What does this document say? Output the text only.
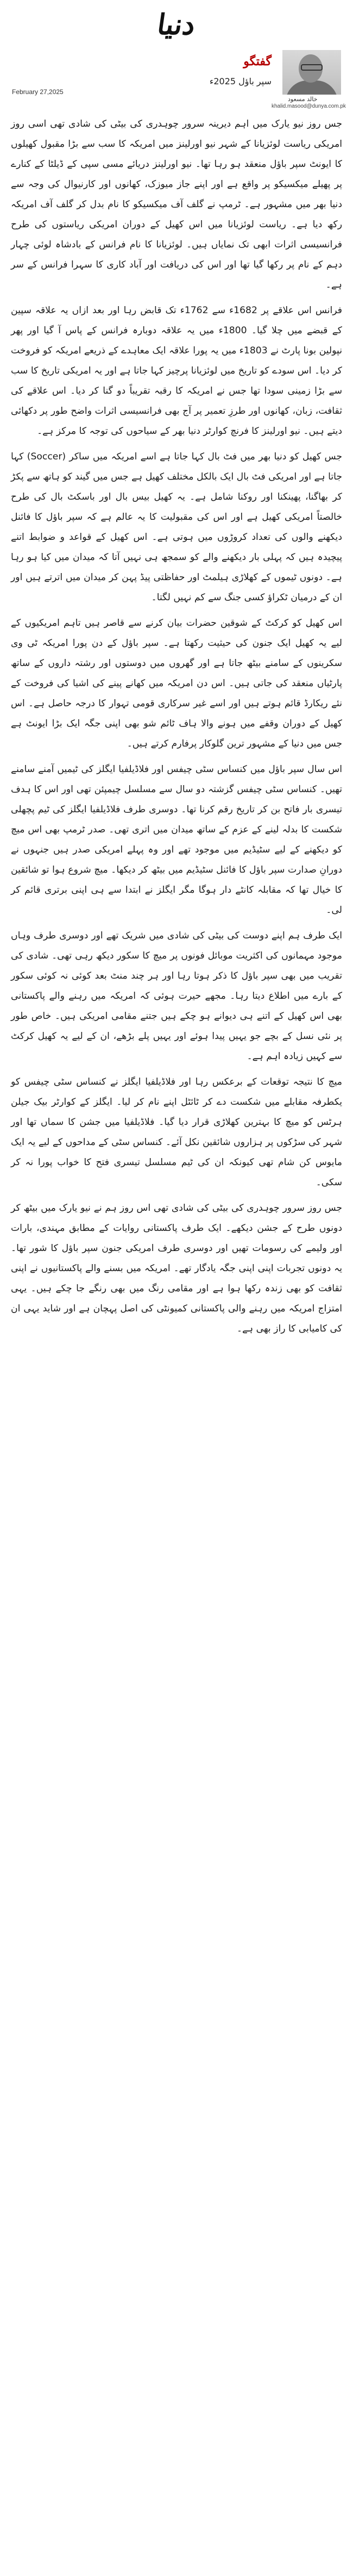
دنیا
February 27,2025
گفتگو
سپر باؤل 2025ء
خالد مسعود
khalid.masood@dunya.com.pk

جس روز نیو یارک میں اہم دیرینہ سرور چوہدری کی بیٹی کی شادی تھی اسی روز امریکی ریاست لوئزیانا کے شہر نیو اورلینز میں امریکہ کا سب سے بڑا مقبول کھیلوں کا ایونٹ سپر باؤل منعقد ہو رہا تھا۔ نیو اورلینز دریائے مسی سپی کے ڈیلٹا کے کنارے پر پھیلے میکسیکو پر واقع ہے اور اپنے جاز میوزک، کھانوں اور کارنیوال کی وجہ سے دنیا بھر میں مشہور ہے۔ ٹرمپ نے گلف آف میکسیکو کا نام بدل کر گلف آف امریکہ رکھ دیا ہے۔ ریاست لوئزیانا میں اس کھیل کے دوران امریکی ریاستوں کی طرح فرانسیسی اثرات ابھی تک نمایاں ہیں۔ لوئزیانا کا نام فرانس کے بادشاہ لوئی چہار دہم کے نام پر رکھا گیا تھا اور اس کی دریافت اور آباد کاری کا سہرا فرانس کے سر ہے۔

فرانس اس علاقے پر 1682ء سے 1762ء تک قابض رہا اور بعد ازاں یہ علاقہ سپین کے قبضے میں چلا گیا۔ 1800ء میں یہ علاقہ دوبارہ فرانس کے پاس آ گیا اور پھر نپولین بونا پارٹ نے 1803ء میں یہ پورا علاقہ ایک معاہدے کے ذریعے امریکہ کو فروخت کر دیا۔ اس سودے کو تاریخ میں لوئزیانا پرچیز کہا جاتا ہے اور یہ امریکی تاریخ کا سب سے بڑا زمینی سودا تھا جس نے امریکہ کا رقبہ تقریباً دو گنا کر دیا۔ اس علاقے کی ثقافت، زبان، کھانوں اور طرزِ تعمیر پر آج بھی فرانسیسی اثرات واضح طور پر دکھائی دیتے ہیں۔ نیو اورلینز کا فرنچ کوارٹر دنیا بھر کے سیاحوں کی توجہ کا مرکز ہے۔

جس کھیل کو دنیا بھر میں فٹ بال کہا جاتا ہے اسے امریکہ میں ساکر (Soccer) کہا جاتا ہے اور امریکی فٹ بال ایک بالکل مختلف کھیل ہے جس میں گیند کو ہاتھ سے پکڑ کر بھاگنا، پھینکنا اور روکنا شامل ہے۔ یہ کھیل بیس بال اور باسکٹ بال کی طرح خالصتاً امریکی کھیل ہے اور اس کی مقبولیت کا یہ عالم ہے کہ سپر باؤل کا فائنل دیکھنے والوں کی تعداد کروڑوں میں ہوتی ہے۔ اس کھیل کے قواعد و ضوابط اتنے پیچیدہ ہیں کہ پہلی بار دیکھنے والے کو سمجھ ہی نہیں آتا کہ میدان میں کیا ہو رہا ہے۔ دونوں ٹیموں کے کھلاڑی ہیلمٹ اور حفاظتی پیڈ پہن کر میدان میں اترتے ہیں اور ان کے درمیان ٹکراؤ کسی جنگ سے کم نہیں لگتا۔

اس کھیل کو کرکٹ کے شوقین حضرات بیان کرنے سے قاصر ہیں تاہم امریکیوں کے لیے یہ کھیل ایک جنون کی حیثیت رکھتا ہے۔ سپر باؤل کے دن پورا امریکہ ٹی وی سکرینوں کے سامنے بیٹھ جاتا ہے اور گھروں میں دوستوں اور رشتہ داروں کے ساتھ پارٹیاں منعقد کی جاتی ہیں۔ اس دن امریکہ میں کھانے پینے کی اشیا کی فروخت کے نئے ریکارڈ قائم ہوتے ہیں اور اسے غیر سرکاری قومی تہوار کا درجہ حاصل ہے۔ اس کھیل کے دوران وقفے میں ہونے والا ہاف ٹائم شو بھی اپنی جگہ ایک بڑا ایونٹ ہے جس میں دنیا کے مشہور ترین گلوکار پرفارم کرتے ہیں۔

اس سال سپر باؤل میں کنساس سٹی چیفس اور فلاڈیلفیا ایگلز کی ٹیمیں آمنے سامنے تھیں۔ کنساس سٹی چیفس گزشتہ دو سال سے مسلسل چیمپئن تھی اور اس کا ہدف تیسری بار فاتح بن کر تاریخ رقم کرنا تھا۔ دوسری طرف فلاڈیلفیا ایگلز کی ٹیم پچھلی شکست کا بدلہ لینے کے عزم کے ساتھ میدان میں اتری تھی۔ صدر ٹرمپ بھی اس میچ کو دیکھنے کے لیے سٹیڈیم میں موجود تھے اور وہ پہلے امریکی صدر ہیں جنہوں نے دورانِ صدارت سپر باؤل کا فائنل سٹیڈیم میں بیٹھ کر دیکھا۔ میچ شروع ہوا تو شائقین کا خیال تھا کہ مقابلہ کانٹے دار ہوگا مگر ایگلز نے ابتدا سے ہی اپنی برتری قائم کر لی۔

ایک طرف ہم اپنے دوست کی بیٹی کی شادی میں شریک تھے اور دوسری طرف وہاں موجود مہمانوں کی اکثریت موبائل فونوں پر میچ کا سکور دیکھ رہی تھی۔ شادی کی تقریب میں بھی سپر باؤل کا ذکر ہوتا رہا اور ہر چند منٹ بعد کوئی نہ کوئی سکور کے بارے میں اطلاع دیتا رہا۔ مجھے حیرت ہوئی کہ امریکہ میں رہنے والے پاکستانی بھی اس کھیل کے اتنے ہی دیوانے ہو چکے ہیں جتنے مقامی امریکی ہیں۔ خاص طور پر نئی نسل کے بچے جو یہیں پیدا ہوئے اور یہیں پلے بڑھے، ان کے لیے یہ کھیل کرکٹ سے کہیں زیادہ اہم ہے۔

میچ کا نتیجہ توقعات کے برعکس رہا اور فلاڈیلفیا ایگلز نے کنساس سٹی چیفس کو یکطرفہ مقابلے میں شکست دے کر ٹائٹل اپنے نام کر لیا۔ ایگلز کے کوارٹر بیک جیلن ہرٹس کو میچ کا بہترین کھلاڑی قرار دیا گیا۔ فلاڈیلفیا میں جشن کا سماں تھا اور شہر کی سڑکوں پر ہزاروں شائقین نکل آئے۔ کنساس سٹی کے مداحوں کے لیے یہ ایک مایوس کن شام تھی کیونکہ ان کی ٹیم مسلسل تیسری فتح کا خواب پورا نہ کر سکی۔

جس روز سرور چوہدری کی بیٹی کی شادی تھی اس روز ہم نے نیو یارک میں بیٹھ کر دونوں طرح کے جشن دیکھے۔ ایک طرف پاکستانی روایات کے مطابق مہندی، بارات اور ولیمے کی رسومات تھیں اور دوسری طرف امریکی جنون سپر باؤل کا شور تھا۔ یہ دونوں تجربات اپنی اپنی جگہ یادگار تھے۔ امریکہ میں بسنے والے پاکستانیوں نے اپنی ثقافت کو بھی زندہ رکھا ہوا ہے اور مقامی رنگ میں بھی رنگے جا چکے ہیں۔ یہی امتزاج امریکہ میں رہنے والی پاکستانی کمیونٹی کی اصل پہچان ہے اور شاید یہی ان کی کامیابی کا راز بھی ہے۔
